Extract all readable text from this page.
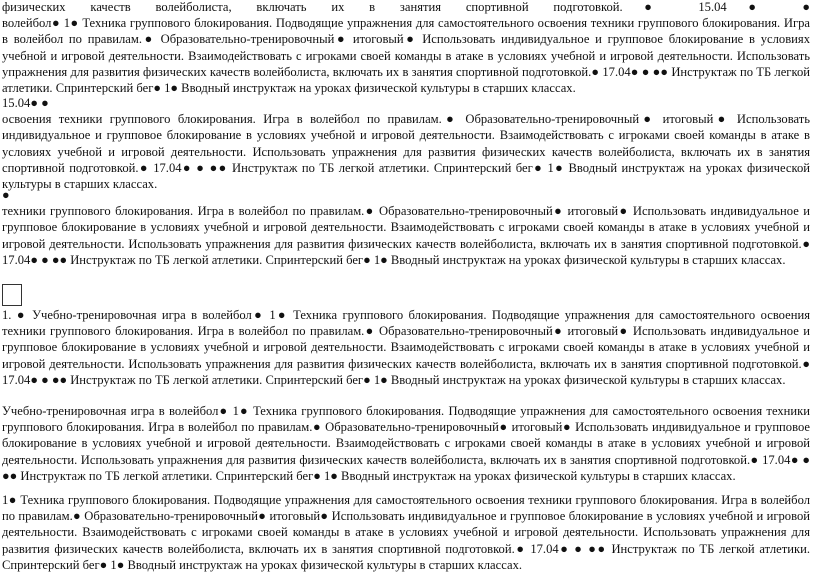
физических качеств волейболиста, включать их в занятия спортивной подготовкой.● 15.04● ●
волейбол● 1● Техника группового блокирования. Подводящие упражнения для самостоятельного освоения техники группового блокирования. Игра в волейбол по правилам.● Образовательно-тренировочный● итоговый● Использовать индивидуальное и групповое блокирование в условиях учебной и игровой деятельности. Взаимодействовать с игроками своей команды в атаке в условиях учебной и игровой деятельности. Использовать упражнения для развития физических качеств волейболиста, включать их в занятия спортивной подготовкой.● 17.04● ● ●● Инструктаж по ТБ легкой атлетики. Спринтерский бег● 1● Вводный инструктаж на уроках физической культуры в старших классах.
15.04● ●
освоения техники группового блокирования. Игра в волейбол по правилам.● Образовательно-тренировочный● итоговый● Использовать индивидуальное и групповое блокирование в условиях учебной и игровой деятельности. Взаимодействовать с игроками своей команды в атаке в условиях учебной и игровой деятельности. Использовать упражнения для развития физических качеств волейболиста, включать их в занятия спортивной подготовкой.● 17.04● ● ●● Инструктаж по ТБ легкой атлетики. Спринтерский бег● 1● Вводный инструктаж на уроках физической культуры в старших классах.
●
техники группового блокирования. Игра в волейбол по правилам.● Образовательно-тренировочный● итоговый● Использовать индивидуальное и групповое блокирование в условиях учебной и игровой деятельности. Взаимодействовать с игроками своей команды в атаке в условиях учебной и игровой деятельности. Использовать упражнения для развития физических качеств волейболиста, включать их в занятия спортивной подготовкой.● 17.04● ● ●● Инструктаж по ТБ легкой атлетики. Спринтерский бег● 1● Вводный инструктаж на уроках физической культуры в старших классах.
1. ● Учебно-тренировочная игра в волейбол● 1● Техника группового блокирования. Подводящие упражнения для самостоятельного освоения техники группового блокирования. Игра в волейбол по правилам.● Образовательно-тренировочный● итоговый● Использовать индивидуальное и групповое блокирование в условиях учебной и игровой деятельности. Взаимодействовать с игроками своей команды в атаке в условиях учебной и игровой деятельности. Использовать упражнения для развития физических качеств волейболиста, включать их в занятия спортивной подготовкой.● 17.04● ● ●● Инструктаж по ТБ легкой атлетики. Спринтерский бег● 1● Вводный инструктаж на уроках физической культуры в старших классах.
Учебно-тренировочная игра в волейбол● 1● Техника группового блокирования. Подводящие упражнения для самостоятельного освоения техники группового блокирования. Игра в волейбол по правилам.● Образовательно-тренировочный● итоговый● Использовать индивидуальное и групповое блокирование в условиях учебной и игровой деятельности. Взаимодействовать с игроками своей команды в атаке в условиях учебной и игровой деятельности. Использовать упражнения для развития физических качеств волейболиста, включать их в занятия спортивной подготовкой.● 17.04● ● ●● Инструктаж по ТБ легкой атлетики. Спринтерский бег● 1● Вводный инструктаж на уроках физической культуры в старших классах.
1● Техника группового блокирования. Подводящие упражнения для самостоятельного освоения техники группового блокирования. Игра в волейбол по правилам.● Образовательно-тренировочный● итоговый● Использовать индивидуальное и групповое блокирование в условиях учебной и игровой деятельности. Взаимодействовать с игроками своей команды в атаке в условиях учебной и игровой деятельности. Использовать упражнения для развития физических качеств волейболиста, включать их в занятия спортивной подготовкой.● 17.04● ● ●● Инструктаж по ТБ легкой атлетики. Спринтерский бег● 1● Вводный инструктаж на уроках физической культуры в старших классах.
